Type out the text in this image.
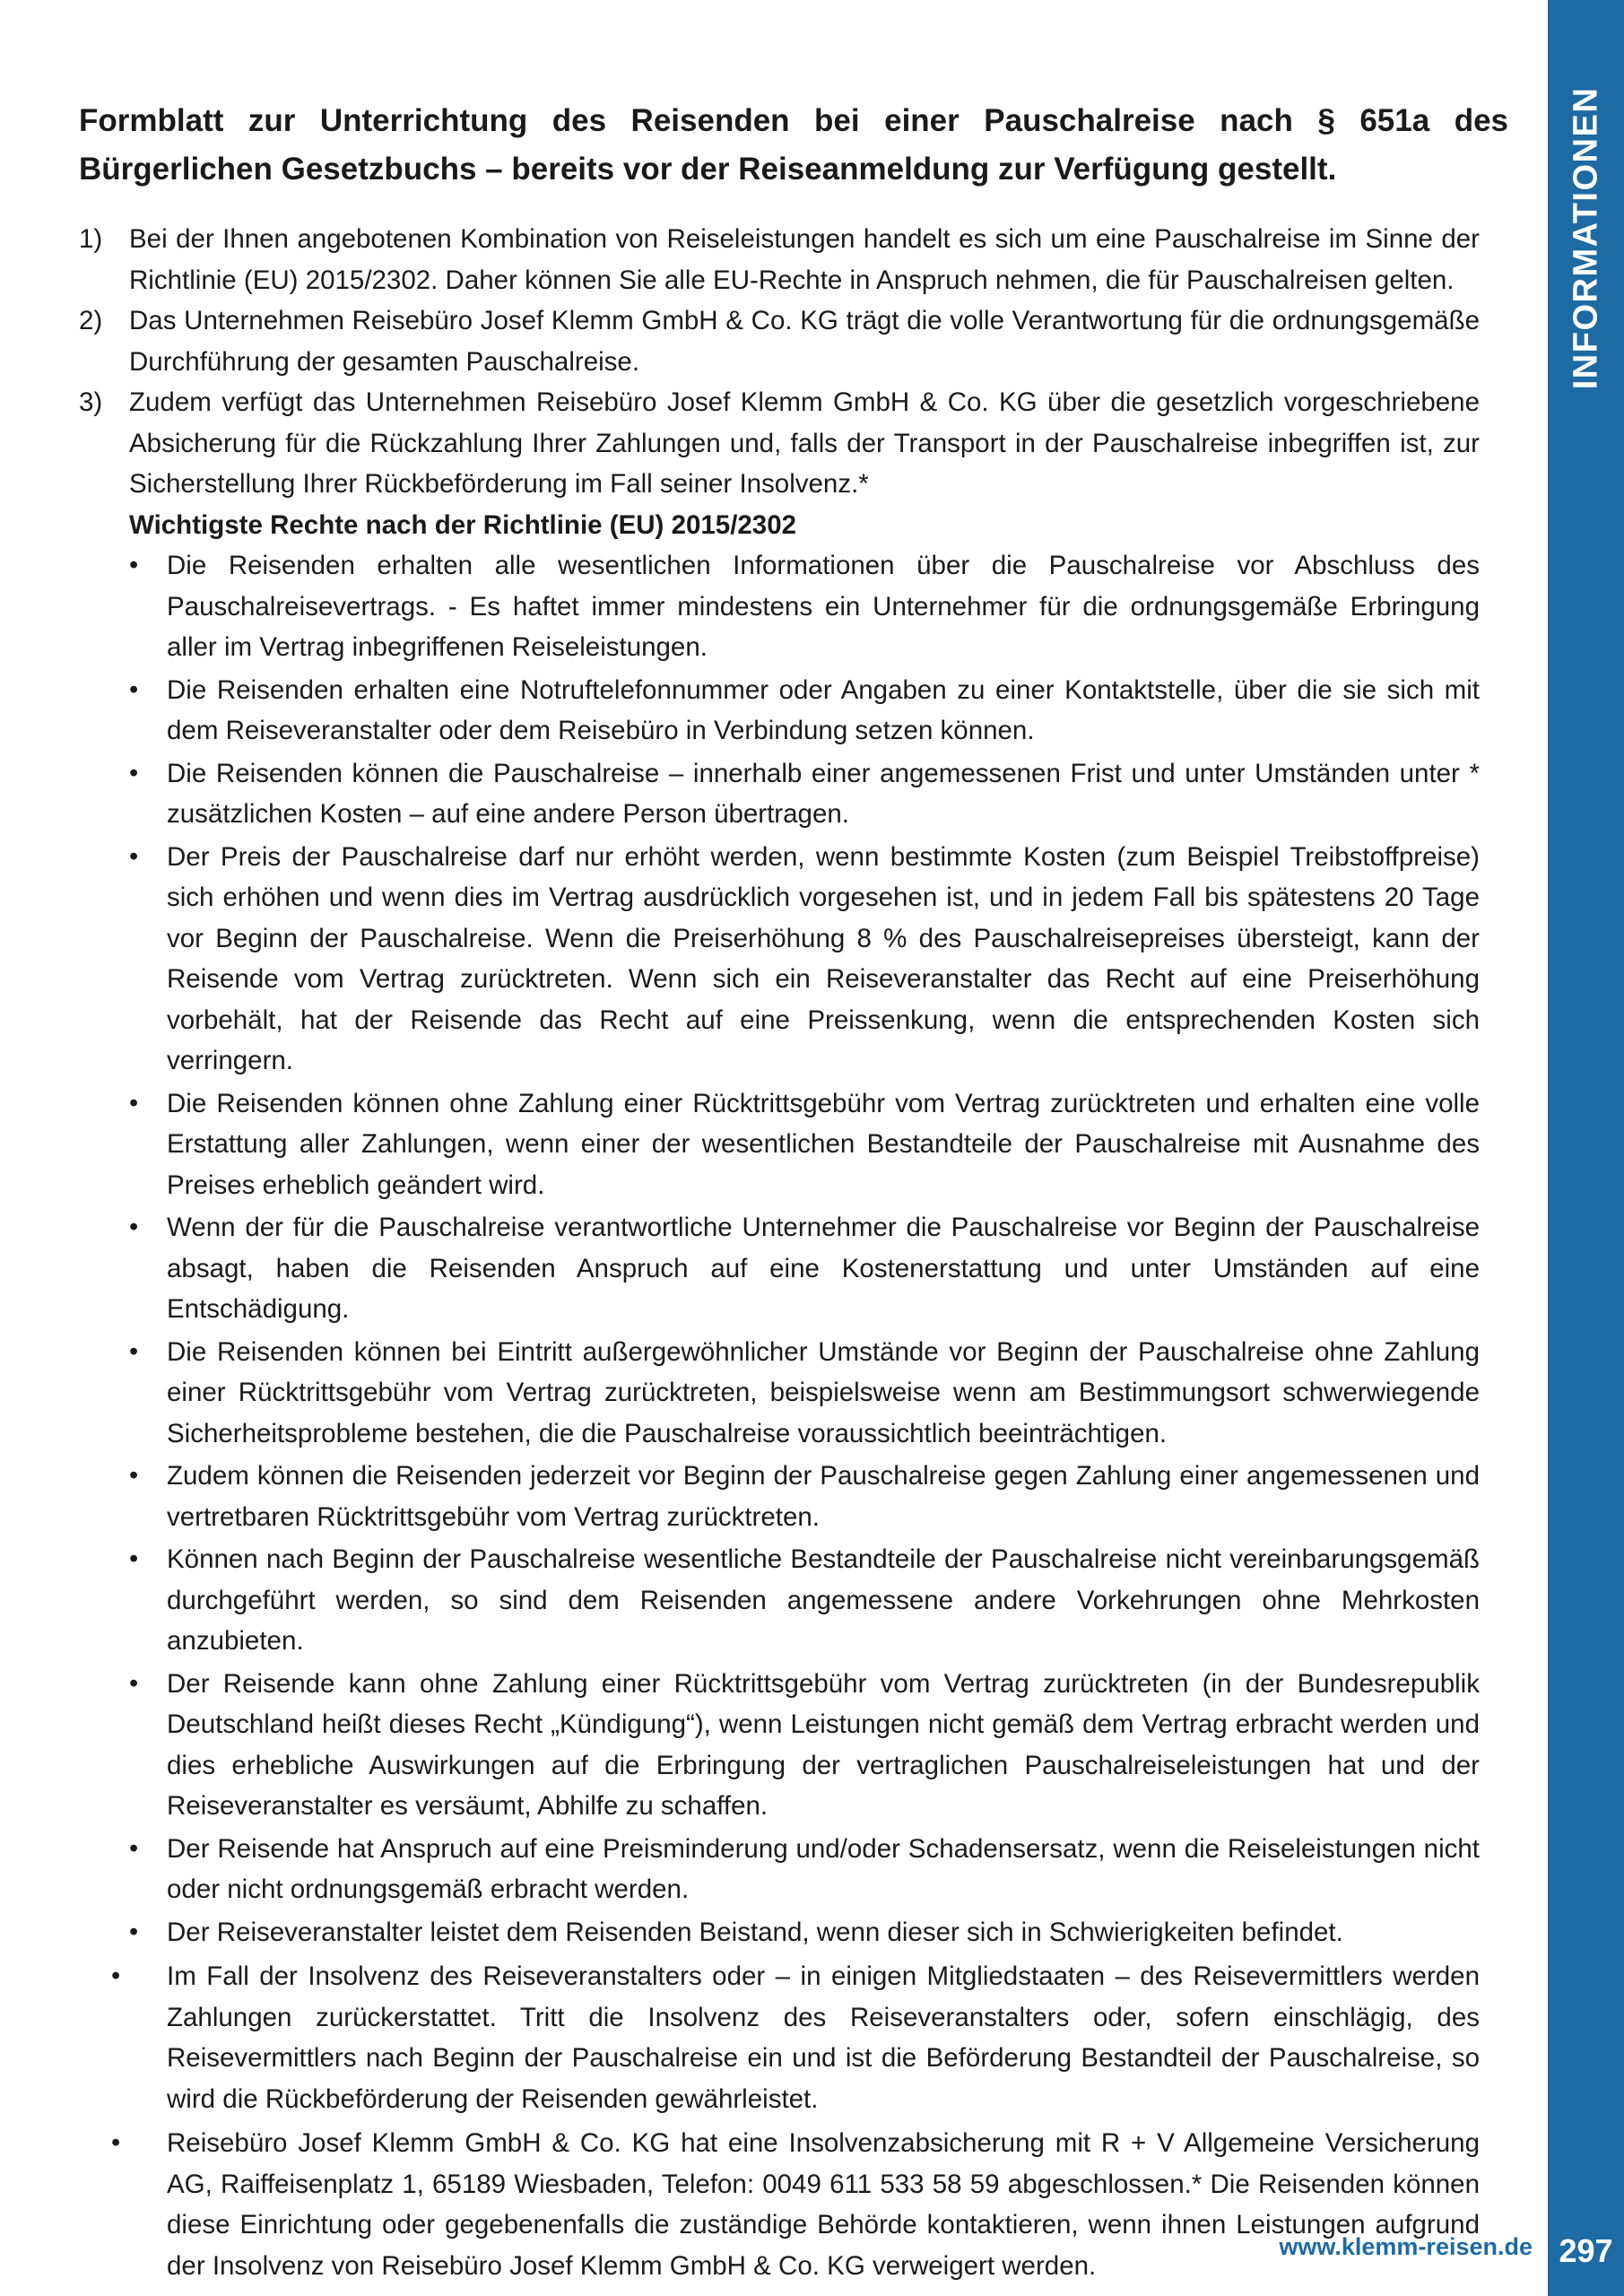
INFORMATIONEN
Formblatt zur Unterrichtung des Reisenden bei einer Pauschalreise nach § 651a des Bürgerlichen Gesetzbuchs – bereits vor der Reiseanmeldung zur Verfügung gestellt.
1)	Bei der Ihnen angebotenen Kombination von Reiseleistungen handelt es sich um eine Pauschalreise im Sinne der Richtlinie (EU) 2015/2302. Daher können Sie alle EU-Rechte in Anspruch nehmen, die für Pauschalreisen gelten.
2)	Das Unternehmen Reisebüro Josef Klemm GmbH & Co. KG trägt die volle Verantwortung für die ordnungsgemäße Durchführung der gesamten Pauschalreise.
3)	Zudem verfügt das Unternehmen Reisebüro Josef Klemm GmbH & Co. KG über die gesetzlich vorgeschriebene Absicherung für die Rückzahlung Ihrer Zahlungen und, falls der Transport in der Pauschalreise inbegriffen ist, zur Sicherstellung Ihrer Rückbeförderung im Fall seiner Insolvenz.*
Wichtigste Rechte nach der Richtlinie (EU) 2015/2302
• Die Reisenden erhalten alle wesentlichen Informationen über die Pauschalreise vor Abschluss des Pauschalreisevertrags. - Es haftet immer mindestens ein Unternehmer für die ordnungsgemäße Erbringung aller im Vertrag inbegriffenen Reiseleistungen.
• Die Reisenden erhalten eine Notruftelefonnummer oder Angaben zu einer Kontaktstelle, über die sie sich mit dem Reiseveranstalter oder dem Reisebüro in Verbindung setzen können.
• Die Reisenden können die Pauschalreise – innerhalb einer angemessenen Frist und unter Umständen unter * zusätzlichen Kosten – auf eine andere Person übertragen.
• Der Preis der Pauschalreise darf nur erhöht werden, wenn bestimmte Kosten (zum Beispiel Treibstoffpreise) sich erhöhen und wenn dies im Vertrag ausdrücklich vorgesehen ist, und in jedem Fall bis spätestens 20 Tage vor Beginn der Pauschalreise. Wenn die Preiserhöhung 8 % des Pauschalreisepreises übersteigt, kann der Reisende vom Vertrag zurücktreten. Wenn sich ein Reiseveranstalter das Recht auf eine Preiserhöhung vorbehält, hat der Reisende das Recht auf eine Preissenkung, wenn die entsprechenden Kosten sich verringern.
• Die Reisenden können ohne Zahlung einer Rücktrittsgebühr vom Vertrag zurücktreten und erhalten eine volle Erstattung aller Zahlungen, wenn einer der wesentlichen Bestandteile der Pauschalreise mit Ausnahme des Preises erheblich geändert wird.
• Wenn der für die Pauschalreise verantwortliche Unternehmer die Pauschalreise vor Beginn der Pauschalreise absagt, haben die Reisenden Anspruch auf eine Kostenerstattung und unter Umständen auf eine Entschädigung.
• Die Reisenden können bei Eintritt außergewöhnlicher Umstände vor Beginn der Pauschalreise ohne Zahlung einer Rücktrittsgebühr vom Vertrag zurücktreten, beispielsweise wenn am Bestimmungsort schwerwiegende Sicherheitsprobleme bestehen, die die Pauschalreise voraussichtlich beeinträchtigen.
• Zudem können die Reisenden jederzeit vor Beginn der Pauschalreise gegen Zahlung einer angemessenen und vertretbaren Rücktrittsgebühr vom Vertrag zurücktreten.
• Können nach Beginn der Pauschalreise wesentliche Bestandteile der Pauschalreise nicht vereinbarungsgemäß durchgeführt werden, so sind dem Reisenden angemessene andere Vorkehrungen ohne Mehrkosten anzubieten.
• Der Reisende kann ohne Zahlung einer Rücktrittsgebühr vom Vertrag zurücktreten (in der Bundesrepublik Deutschland heißt dieses Recht „Kündigung“), wenn Leistungen nicht gemäß dem Vertrag erbracht werden und dies erhebliche Auswirkungen auf die Erbringung der vertraglichen Pauschalreiseleistungen hat und der Reiseveranstalter es versäumt, Abhilfe zu schaffen.
• Der Reisende hat Anspruch auf eine Preisminderung und/oder Schadensersatz, wenn die Reiseleistungen nicht oder nicht ordnungsgemäß erbracht werden.
• Der Reiseveranstalter leistet dem Reisenden Beistand, wenn dieser sich in Schwierigkeiten befindet.
• Im Fall der Insolvenz des Reiseveranstalters oder – in einigen Mitgliedstaaten – des Reisevermittlers werden Zahlungen zurückerstattet. Tritt die Insolvenz des Reiseveranstalters oder, sofern einschlägig, des Reisevermittlers nach Beginn der Pauschalreise ein und ist die Beförderung Bestandteil der Pauschalreise, so wird die Rückbeförderung der Reisenden gewährleistet.
• Reisebüro Josef Klemm GmbH & Co. KG hat eine Insolvenzabsicherung mit R + V Allgemeine Versicherung AG, Raiffeisenplatz 1, 65189 Wiesbaden, Telefon: 0049 611 533 58 59 abgeschlossen.* Die Reisenden können diese Einrichtung oder gegebenenfalls die zuständige Behörde kontaktieren, wenn ihnen Leistungen aufgrund der Insolvenz von Reisebüro Josef Klemm GmbH & Co. KG verweigert werden.
www.klemm-reisen.de 297
